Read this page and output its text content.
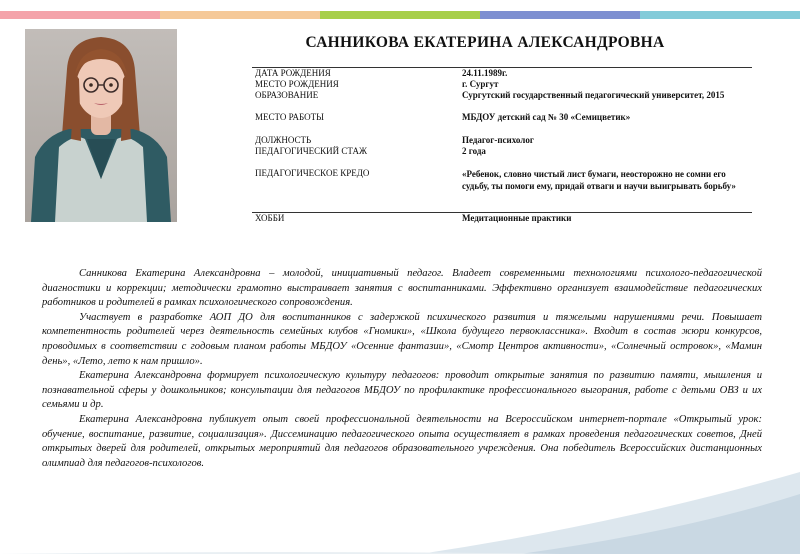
САННИКОВА ЕКАТЕРИНА АЛЕКСАНДРОВНА
ДАТА РОЖДЕНИЯ	24.11.1989г.
МЕСТО РОЖДЕНИЯ	г. Сургут
ОБРАЗОВАНИЕ	Сургутский государственный педагогический университет, 2015
МЕСТО РАБОТЫ	МБДОУ детский сад № 30 «Семицветик»
ДОЛЖНОСТЬ	Педагог-психолог
ПЕДАГОГИЧЕСКИЙ СТАЖ	2 года
ПЕДАГОГИЧЕСКОЕ КРЕДО	«Ребенок, словно чистый лист бумаги, неосторожно не сомни его судьбу, ты помоги ему, придай отваги и научи выигрывать борьбу»
ХОББИ	Медитационные практики

Санникова Екатерина Александровна – молодой, инициативный педагог. Владеет современными технологиями психолого-педагогической диагностики и коррекции; методически грамотно выстраивает занятия с воспитанниками. Эффективно организует взаимодействие педагогических работников и родителей в рамках психологического сопровождения.

Участвует в разработке АОП ДО для воспитанников с задержкой психического развития и тяжелыми нарушениями речи. Повышает компетентность родителей через деятельность семейных клубов «Гномики», «Школа будущего первоклассника». Входит в состав жюри конкурсов, проводимых в соответствии с годовым планом работы МБДОУ «Осенние фантазии», «Смотр Центров активности», «Солнечный островок», «Мамин день», «Лето, лето к нам пришло».

Екатерина Александровна формирует психологическую культуру педагогов: проводит открытые занятия по развитию памяти, мышления и познавательной сферы у дошкольников; консультации для педагогов МБДОУ по профилактике профессионального выгорания, работе с детьми ОВЗ и их семьями и др.

Екатерина Александровна публикует опыт своей профессиональной деятельности на Всероссийском интернет-портале «Открытый урок: обучение, воспитание, развитие, социализация». Диссеминацию педагогического опыта осуществляет в рамках проведения педагогических советов, Дней открытых дверей для родителей, открытых мероприятий для педагогов образовательного учреждения. Она победитель Всероссийских дистанционных олимпиад для педагогов-психологов.
